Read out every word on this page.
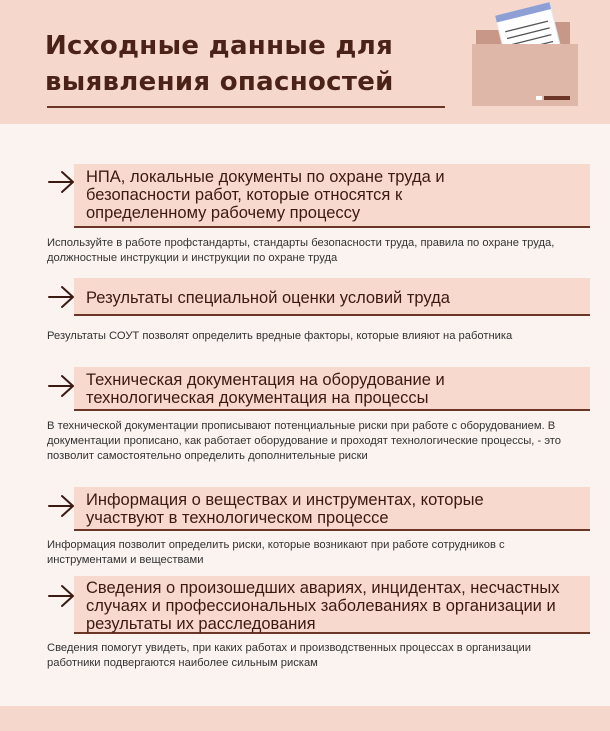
Исходные данные для выявления опасностей
НПА, локальные документы по охране труда и безопасности работ, которые относятся к определенному рабочему процессу

Используйте в работе профстандарты, стандарты безопасности труда, правила по охране труда, должностные инструкции и инструкции по охране труда

Результаты специальной оценки условий труда

Результаты СОУТ позволят определить вредные факторы, которые влияют на работника

Техническая документация на оборудование и технологическая документация на процессы

В технической документации прописывают потенциальные риски при работе с оборудованием. В документации прописано, как работает оборудование и проходят технологические процессы, - это позволит самостоятельно определить дополнительные риски

Информация о веществах и инструментах, которые участвуют в технологическом процессе

Информация позволит определить риски, которые возникают при работе сотрудников с инструментами и веществами

Сведения о произошедших авариях, инцидентах, несчастных случаях и профессиональных заболеваниях в организации и результаты их расследования

Сведения помогут увидеть, при каких работах и производственных процессах в организации работники подвергаются наиболее сильным рискам
